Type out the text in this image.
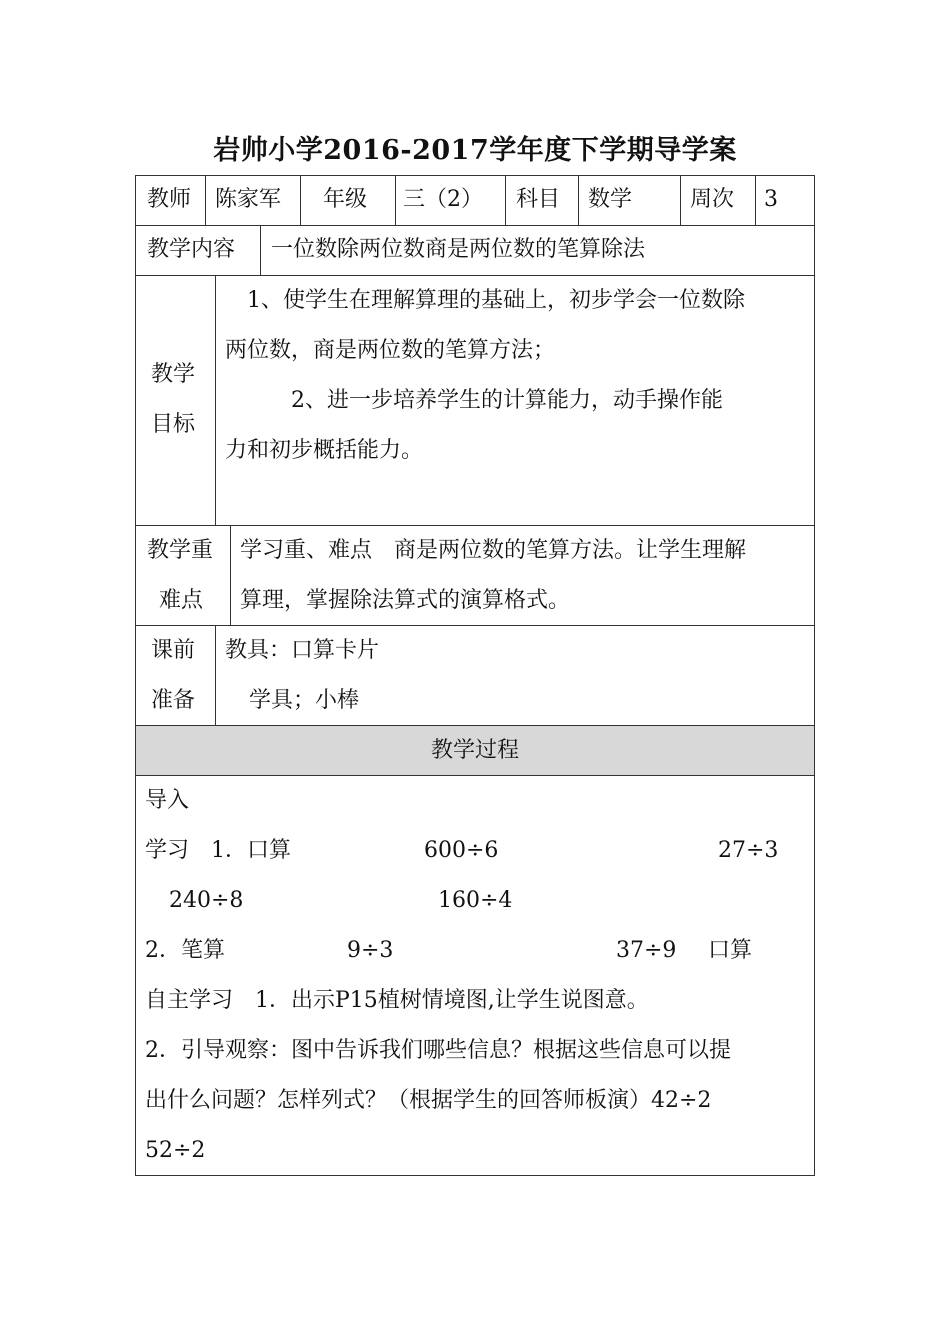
岩帅小学2016-2017学年度下学期导学案
教师 陈家军 年级 三（2） 科目 数学	周次 3
教学内容 一位数除两位数商是两位数的笔算除法
教学
目标
　1、使学生在理解算理的基础上，初步学会一位数除
两位数，商是两位数的笔算方法；
　　　2、进一步培养学生的计算能力，动手操作能
力和初步概括能力。
教学重
难点
学习重、难点　商是两位数的笔算方法。让学生理解
算理，掌握除法算式的演算格式。
课前
准备
教具：口算卡片
学具；小棒
教学过程
导入
学习　1．口算	600÷6	27÷3
240÷8	160÷4
2．笔算	9÷3	37÷9 口算
自主学习　1．出示P15植树情境图,让学生说图意。
2．引导观察：图中告诉我们哪些信息？根据这些信息可以提
出什么问题？怎样列式？（根据学生的回答师板演）42÷2
52÷2
